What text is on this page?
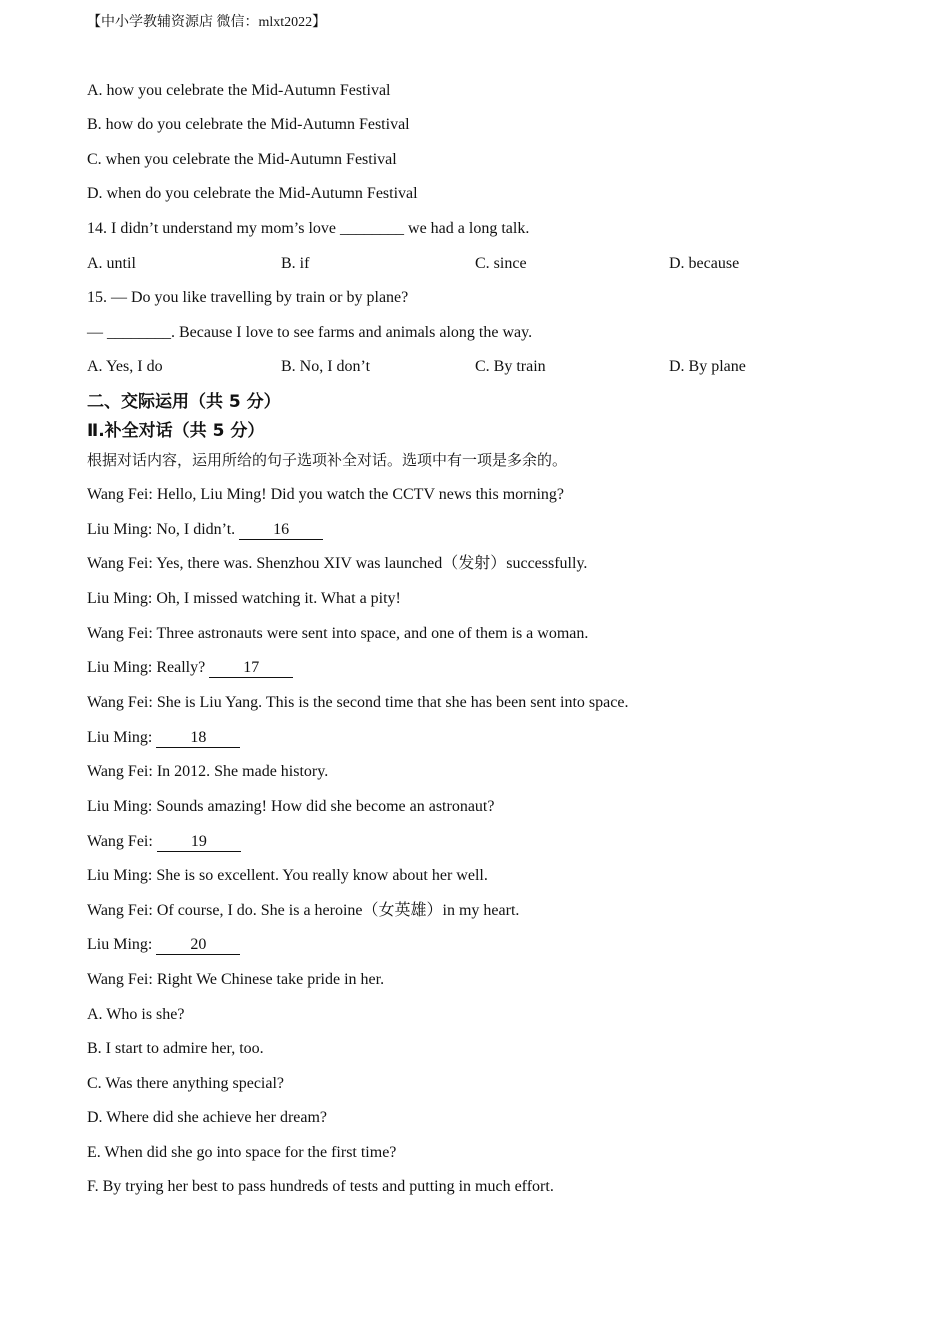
【中小学教辅资源店 微信：mlxt2022】
A. how you celebrate the Mid-Autumn Festival
B. how do you celebrate the Mid-Autumn Festival
C. when you celebrate the Mid-Autumn Festival
D. when do you celebrate the Mid-Autumn Festival
14. I didn’t understand my mom’s love ________ we had a long talk.
A. until	B. if	C. since	D. because
15. — Do you like travelling by train or by plane?
— ________. Because I love to see farms and animals along the way.
A. Yes, I do	B. No, I don’t	C. By train	D. By plane
二、交际运用（共 5 分）
Ⅱ.补全对话（共 5 分）
根据对话内容，运用所给的句子选项补全对话。选项中有一项是多余的。
Wang Fei: Hello, Liu Ming! Did you watch the CCTV news this morning?
Liu Ming: No, I didn’t. 16
Wang Fei: Yes, there was. Shenzhou XIV was launched（发射）successfully.
Liu Ming: Oh, I missed watching it. What a pity!
Wang Fei: Three astronauts were sent into space, and one of them is a woman.
Liu Ming: Really? 17
Wang Fei: She is Liu Yang. This is the second time that she has been sent into space.
Liu Ming: 18
Wang Fei: In 2012. She made history.
Liu Ming: Sounds amazing! How did she become an astronaut?
Wang Fei: 19
Liu Ming: She is so excellent. You really know about her well.
Wang Fei: Of course, I do. She is a heroine（女英雄）in my heart.
Liu Ming: 20
Wang Fei: Right We Chinese take pride in her.
A. Who is she?
B. I start to admire her, too.
C. Was there anything special?
D. Where did she achieve her dream?
E. When did she go into space for the first time?
F. By trying her best to pass hundreds of tests and putting in much effort.
